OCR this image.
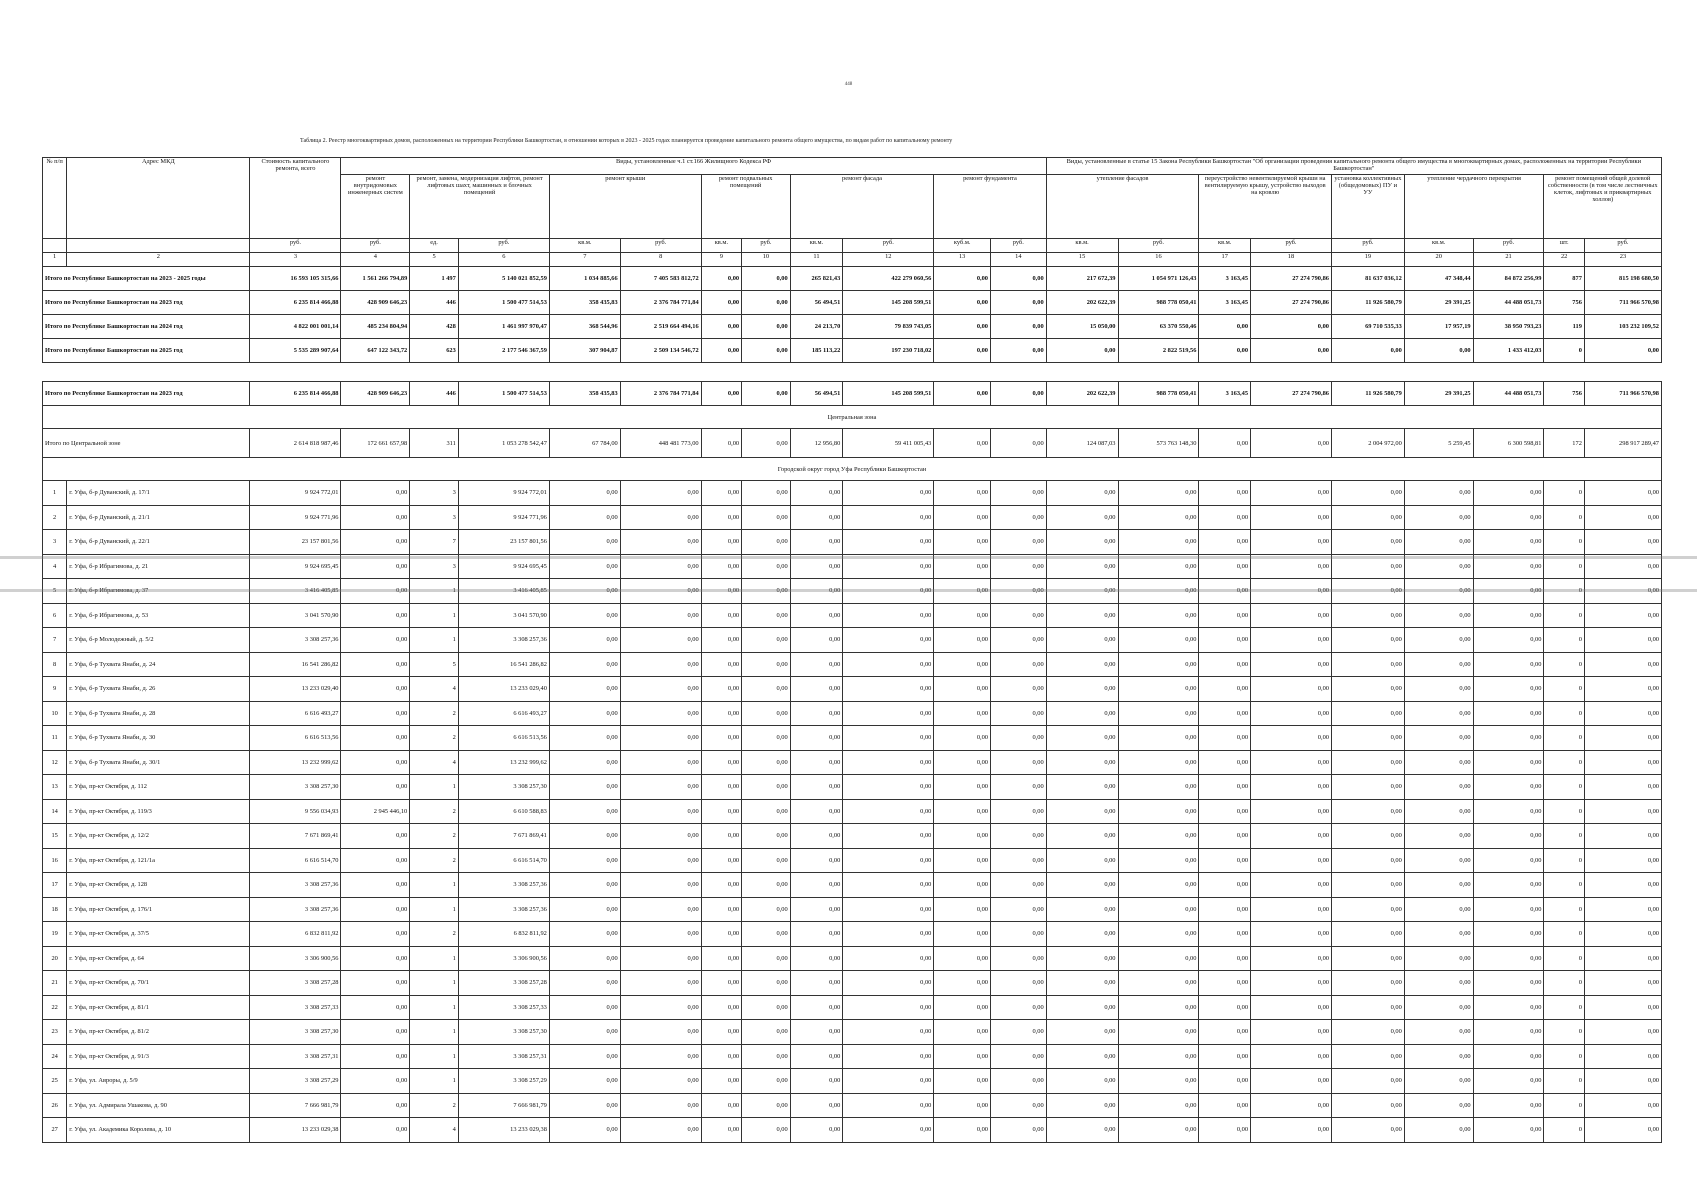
448
Таблица 2. Реестр многоквартирных домов, расположенных на территории Республики Башкортостан, в отношении которых в 2023 - 2025 годах планируется проведение капитального ремонта общего имущества, по видам работ по капитальному ремонту
№ п/п	Адрес МКД	Стоимость капитального ремонта, всего	Виды, установленные ч.1 ст.166 Жилищного Кодекса РФ											Виды, установленные в статье 15 Закона Республики Башкортостан "Об организации проведения капитального ремонта общего имущества в многоквартирных домах, расположенных на территории Республики Башкортостан"								
			ремонт внутридомовых инженерных систем	ремонт, замена, модернизация лифтов, ремонт лифтовых шахт, машинных и блочных помещений		ремонт крыши		ремонт подвальных помещений		ремонт фасада		ремонт фундамента		утепление фасадов		переустройство невентилируемой крыши на вентилируемую крышу, устройство выходов на кровлю		установка коллективных (общедомовых) ПУ и УУ	утепление чердачного перекрытия		ремонт помещений общей долевой собственности (в том числе лестничных клеток, лифтовых и приквартирных холлов)	
		руб.	руб.	ед.	руб.	кв.м.	руб.	кв.м.	руб.	кв.м.	руб.	куб.м.	руб.	кв.м.	руб.	кв.м.	руб.	руб.	кв.м.	руб.	шт.	руб.
1	2	3	4	5	6	7	8	9	10	11	12	13	14	15	16	17	18	19	20	21	22	23
Итого по Республике Башкортостан на 2023 - 2025 годы		16 593 105 315,66	1 561 266 794,89	1 497	5 140 021 852,59	1 034 885,66	7 405 583 812,72	0,00	0,00	265 821,43	422 279 060,56	0,00	0,00	217 672,39	1 054 971 126,43	3 163,45	27 274 790,86	81 637 036,12	47 348,44	84 872 256,99	877	815 198 680,50
Итого по Республике Башкортостан на 2023 год		6 235 814 466,88	428 909 646,23	446	1 500 477 514,53	358 435,83	2 376 784 771,84	0,00	0,00	56 494,51	145 208 599,51	0,00	0,00	202 622,39	988 778 050,41	3 163,45	27 274 790,86	11 926 580,79	29 391,25	44 488 051,73	756	711 966 570,98
Итого по Республике Башкортостан на 2024 год		4 822 001 001,14	485 234 804,94	428	1 461 997 970,47	368 544,96	2 519 664 494,16	0,00	0,00	24 213,70	79 839 743,05	0,00	0,00	15 050,00	63 370 550,46	0,00	0,00	69 710 535,33	17 957,19	38 950 793,23	119	103 232 109,52
Итого по Республике Башкортостан на 2025 год		5 535 289 907,64	647 122 343,72	623	2 177 546 367,59	307 904,87	2 509 134 546,72	0,00	0,00	185 113,22	197 230 718,02	0,00	0,00	0,00	2 822 519,56	0,00	0,00	0,00	0,00	1 433 412,03	0	0,00

Итого по Республике Башкортостан на 2023 год		6 235 814 466,88	428 909 646,23	446	1 500 477 514,53	358 435,83	2 376 784 771,84	0,00	0,00	56 494,51	145 208 599,51	0,00	0,00	202 622,39	988 778 050,41	3 163,45	27 274 790,86	11 926 580,79	29 391,25	44 488 051,73	756	711 966 570,98
Центральная зона																						
Итого по Центральной зоне		2 614 818 987,46	172 661 657,98	311	1 053 278 542,47	67 784,00	448 481 773,00	0,00	0,00	12 956,80	59 411 005,43	0,00	0,00	124 087,03	573 763 148,30	0,00	0,00	2 004 972,00	5 259,45	6 300 598,81	172	298 917 289,47
Городской округ город Уфа Республики Башкортостан																						
1	г. Уфа, б-р Дуванский, д. 17/1	9 924 772,01	0,00	3	9 924 772,01	0,00	0,00	0,00	0,00	0,00	0,00	0,00	0,00	0,00	0,00	0,00	0,00	0,00	0,00	0,00	0	0,00
2	г. Уфа, б-р Дуванский, д. 21/1	9 924 771,96	0,00	3	9 924 771,96	0,00	0,00	0,00	0,00	0,00	0,00	0,00	0,00	0,00	0,00	0,00	0,00	0,00	0,00	0,00	0	0,00
3	г. Уфа, б-р Дуванский, д. 22/1	23 157 801,56	0,00	7	23 157 801,56	0,00	0,00	0,00	0,00	0,00	0,00	0,00	0,00	0,00	0,00	0,00	0,00	0,00	0,00	0,00	0	0,00
4	г. Уфа, б-р Ибрагимова, д. 21	9 924 695,45	0,00	3	9 924 695,45	0,00	0,00	0,00	0,00	0,00	0,00	0,00	0,00	0,00	0,00	0,00	0,00	0,00	0,00	0,00	0	0,00
5	г. Уфа, б-р Ибрагимова, д. 37	3 416 405,85	0,00	1	3 416 405,85	0,00	0,00	0,00	0,00	0,00	0,00	0,00	0,00	0,00	0,00	0,00	0,00	0,00	0,00	0,00	0	0,00
6	г. Уфа, б-р Ибрагимова, д. 53	3 041 570,90	0,00	1	3 041 570,90	0,00	0,00	0,00	0,00	0,00	0,00	0,00	0,00	0,00	0,00	0,00	0,00	0,00	0,00	0,00	0	0,00
7	г. Уфа, б-р Молодежный, д. 5/2	3 308 257,36	0,00	1	3 308 257,36	0,00	0,00	0,00	0,00	0,00	0,00	0,00	0,00	0,00	0,00	0,00	0,00	0,00	0,00	0,00	0	0,00
8	г. Уфа, б-р Тухвата Янаби, д. 24	16 541 286,82	0,00	5	16 541 286,82	0,00	0,00	0,00	0,00	0,00	0,00	0,00	0,00	0,00	0,00	0,00	0,00	0,00	0,00	0,00	0	0,00
9	г. Уфа, б-р Тухвата Янаби, д. 26	13 233 029,40	0,00	4	13 233 029,40	0,00	0,00	0,00	0,00	0,00	0,00	0,00	0,00	0,00	0,00	0,00	0,00	0,00	0,00	0,00	0	0,00
10	г. Уфа, б-р Тухвата Янаби, д. 28	6 616 493,27	0,00	2	6 616 493,27	0,00	0,00	0,00	0,00	0,00	0,00	0,00	0,00	0,00	0,00	0,00	0,00	0,00	0,00	0,00	0	0,00
11	г. Уфа, б-р Тухвата Янаби, д. 30	6 616 513,56	0,00	2	6 616 513,56	0,00	0,00	0,00	0,00	0,00	0,00	0,00	0,00	0,00	0,00	0,00	0,00	0,00	0,00	0,00	0	0,00
12	г. Уфа, б-р Тухвата Янаби, д. 30/1	13 232 999,62	0,00	4	13 232 999,62	0,00	0,00	0,00	0,00	0,00	0,00	0,00	0,00	0,00	0,00	0,00	0,00	0,00	0,00	0,00	0	0,00
13	г. Уфа, пр-кт Октября, д. 112	3 308 257,30	0,00	1	3 308 257,30	0,00	0,00	0,00	0,00	0,00	0,00	0,00	0,00	0,00	0,00	0,00	0,00	0,00	0,00	0,00	0	0,00
14	г. Уфа, пр-кт Октября, д. 119/3	9 556 034,93	2 945 446,10	2	6 610 588,83	0,00	0,00	0,00	0,00	0,00	0,00	0,00	0,00	0,00	0,00	0,00	0,00	0,00	0,00	0,00	0	0,00
15	г. Уфа, пр-кт Октября, д. 12/2	7 671 869,41	0,00	2	7 671 869,41	0,00	0,00	0,00	0,00	0,00	0,00	0,00	0,00	0,00	0,00	0,00	0,00	0,00	0,00	0,00	0	0,00
16	г. Уфа, пр-кт Октября, д. 121/1а	6 616 514,70	0,00	2	6 616 514,70	0,00	0,00	0,00	0,00	0,00	0,00	0,00	0,00	0,00	0,00	0,00	0,00	0,00	0,00	0,00	0	0,00
17	г. Уфа, пр-кт Октября, д. 128	3 308 257,36	0,00	1	3 308 257,36	0,00	0,00	0,00	0,00	0,00	0,00	0,00	0,00	0,00	0,00	0,00	0,00	0,00	0,00	0,00	0	0,00
18	г. Уфа, пр-кт Октября, д. 176/1	3 308 257,36	0,00	1	3 308 257,36	0,00	0,00	0,00	0,00	0,00	0,00	0,00	0,00	0,00	0,00	0,00	0,00	0,00	0,00	0,00	0	0,00
19	г. Уфа, пр-кт Октября, д. 37/5	6 832 811,92	0,00	2	6 832 811,92	0,00	0,00	0,00	0,00	0,00	0,00	0,00	0,00	0,00	0,00	0,00	0,00	0,00	0,00	0,00	0	0,00
20	г. Уфа, пр-кт Октября, д. 64	3 306 900,56	0,00	1	3 306 900,56	0,00	0,00	0,00	0,00	0,00	0,00	0,00	0,00	0,00	0,00	0,00	0,00	0,00	0,00	0,00	0	0,00
21	г. Уфа, пр-кт Октября, д. 70/1	3 308 257,28	0,00	1	3 308 257,28	0,00	0,00	0,00	0,00	0,00	0,00	0,00	0,00	0,00	0,00	0,00	0,00	0,00	0,00	0,00	0	0,00
22	г. Уфа, пр-кт Октября, д. 81/1	3 308 257,33	0,00	1	3 308 257,33	0,00	0,00	0,00	0,00	0,00	0,00	0,00	0,00	0,00	0,00	0,00	0,00	0,00	0,00	0,00	0	0,00
23	г. Уфа, пр-кт Октября, д. 81/2	3 308 257,30	0,00	1	3 308 257,30	0,00	0,00	0,00	0,00	0,00	0,00	0,00	0,00	0,00	0,00	0,00	0,00	0,00	0,00	0,00	0	0,00
24	г. Уфа, пр-кт Октября, д. 91/3	3 308 257,31	0,00	1	3 308 257,31	0,00	0,00	0,00	0,00	0,00	0,00	0,00	0,00	0,00	0,00	0,00	0,00	0,00	0,00	0,00	0	0,00
25	г. Уфа, ул. Авроры, д. 5/9	3 308 257,29	0,00	1	3 308 257,29	0,00	0,00	0,00	0,00	0,00	0,00	0,00	0,00	0,00	0,00	0,00	0,00	0,00	0,00	0,00	0	0,00
26	г. Уфа, ул. Адмирала Ушакова, д. 90	7 666 981,79	0,00	2	7 666 981,79	0,00	0,00	0,00	0,00	0,00	0,00	0,00	0,00	0,00	0,00	0,00	0,00	0,00	0,00	0,00	0	0,00
27	г. Уфа, ул. Академика Королева, д. 10	13 233 029,38	0,00	4	13 233 029,38	0,00	0,00	0,00	0,00	0,00	0,00	0,00	0,00	0,00	0,00	0,00	0,00	0,00	0,00	0,00	0	0,00
